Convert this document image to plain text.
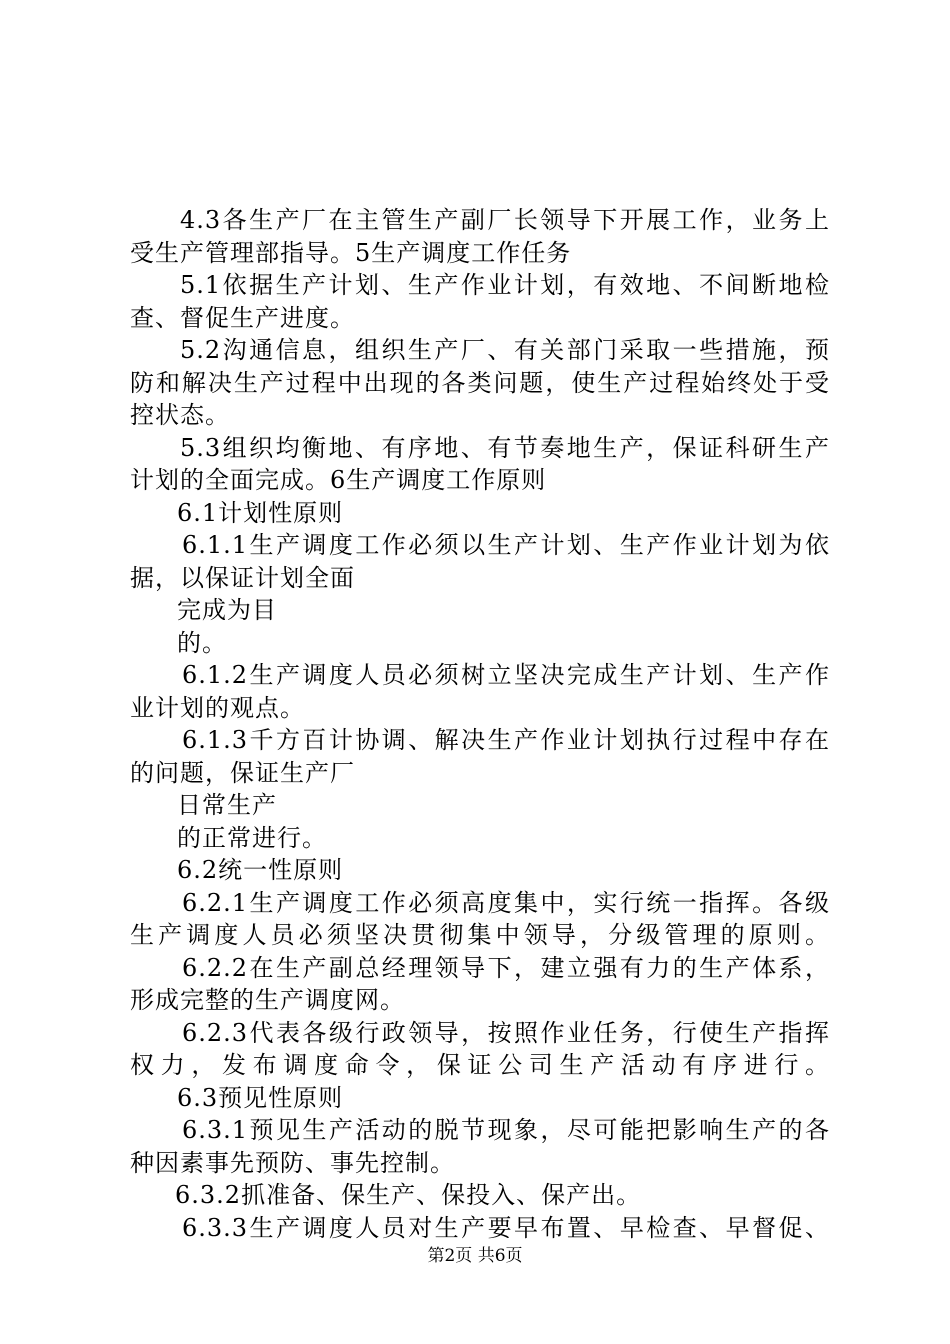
4.3各生产厂在主管生产副厂长领导下开展工作，业务上
受生产管理部指导。5生产调度工作任务
5.1依据生产计划、生产作业计划，有效地、不间断地检
查、督促生产进度。
5.2沟通信息，组织生产厂、有关部门采取一些措施，预
防和解决生产过程中出现的各类问题，使生产过程始终处于受
控状态。
5.3组织均衡地、有序地、有节奏地生产，保证科研生产
计划的全面完成。6生产调度工作原则
6.1计划性原则
6.1.1生产调度工作必须以生产计划、生产作业计划为依
据，以保证计划全面
完成为目
的。
6.1.2生产调度人员必须树立坚决完成生产计划、生产作
业计划的观点。
6.1.3千方百计协调、解决生产作业计划执行过程中存在
的问题，保证生产厂
日常生产
的正常进行。
6.2统一性原则
6.2.1生产调度工作必须高度集中，实行统一指挥。各级
生产调度人员必须坚决贯彻集中领导，分级管理的原则。
6.2.2在生产副总经理领导下，建立强有力的生产体系，
形成完整的生产调度网。
6.2.3代表各级行政领导，按照作业任务，行使生产指挥
权力，发布调度命令，保证公司生产活动有序进行。
6.3预见性原则
6.3.1预见生产活动的脱节现象，尽可能把影响生产的各
种因素事先预防、事先控制。
6.3.2抓准备、保生产、保投入、保产出。
6.3.3生产调度人员对生产要早布置、早检查、早督促、
第2页 共6页
